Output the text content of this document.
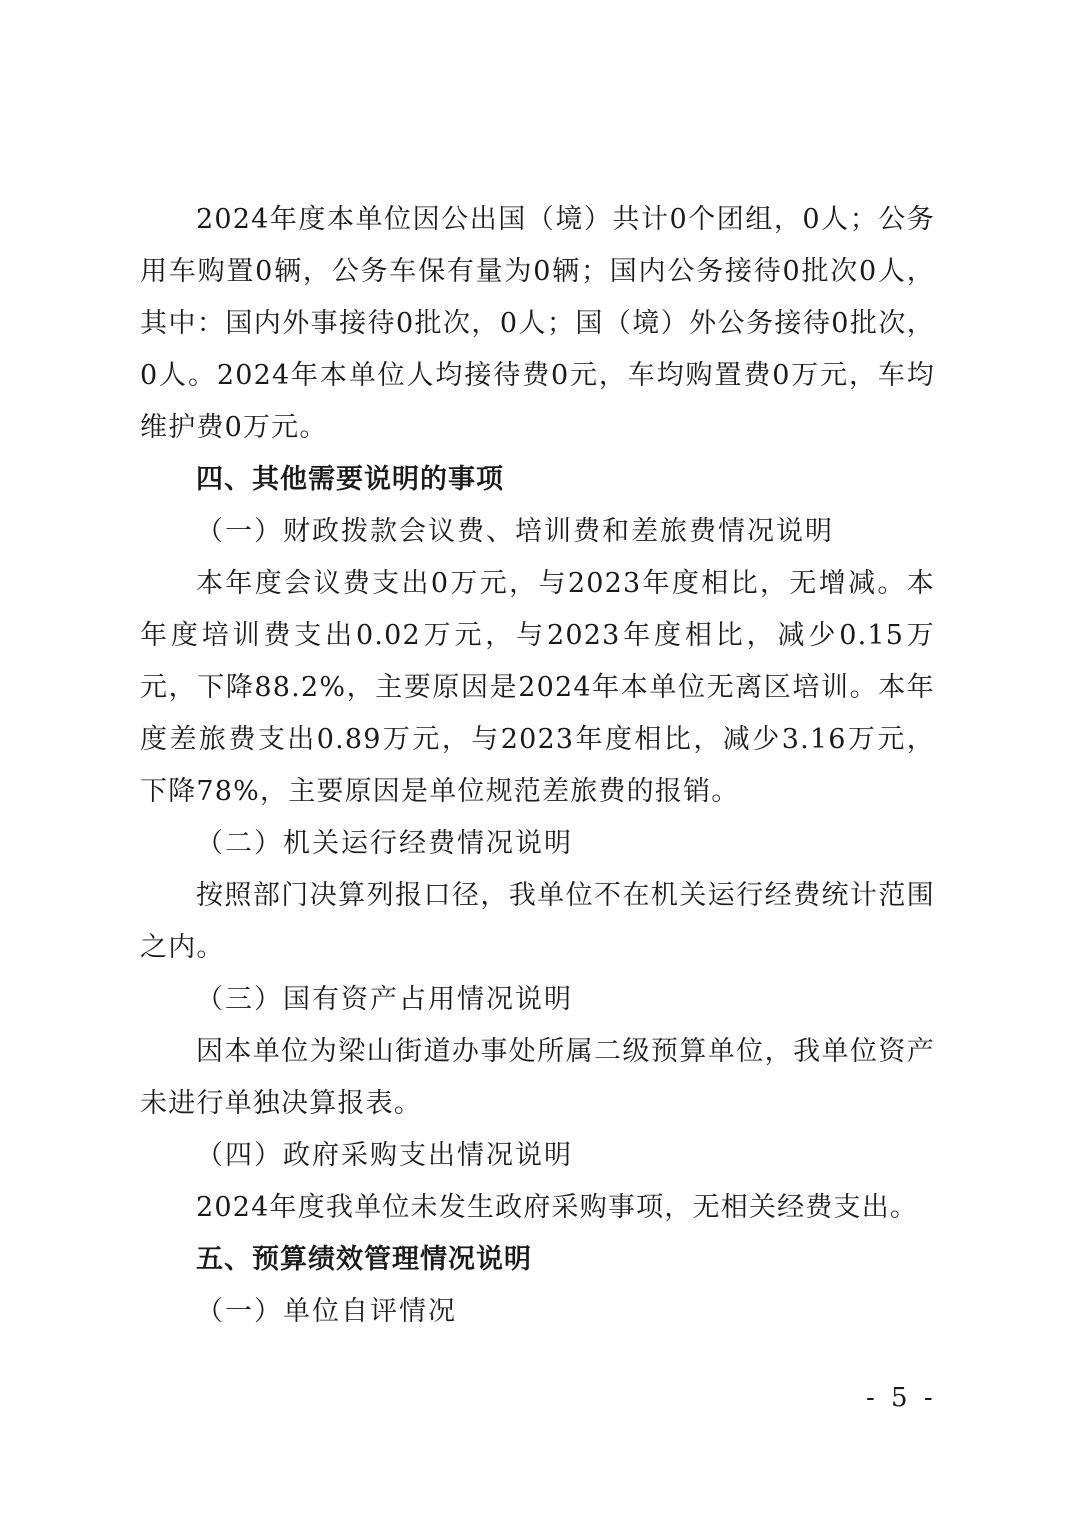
2024年度本单位因公出国（境）共计0个团组，0人；公务用车购置0辆，公务车保有量为0辆；国内公务接待0批次0人，其中：国内外事接待0批次，0人；国（境）外公务接待0批次，0人。2024年本单位人均接待费0元，车均购置费0万元，车均维护费0万元。
四、其他需要说明的事项
（一）财政拨款会议费、培训费和差旅费情况说明
本年度会议费支出0万元，与2023年度相比，无增减。本年度培训费支出0.02万元，与2023年度相比，减少0.15万元，下降88.2%，主要原因是2024年本单位无离区培训。本年度差旅费支出0.89万元，与2023年度相比，减少3.16万元，下降78%，主要原因是单位规范差旅费的报销。
（二）机关运行经费情况说明
按照部门决算列报口径，我单位不在机关运行经费统计范围之内。
（三）国有资产占用情况说明
因本单位为梁山街道办事处所属二级预算单位，我单位资产未进行单独决算报表。
（四）政府采购支出情况说明
2024年度我单位未发生政府采购事项，无相关经费支出。
五、预算绩效管理情况说明
（一）单位自评情况
- 5 -
